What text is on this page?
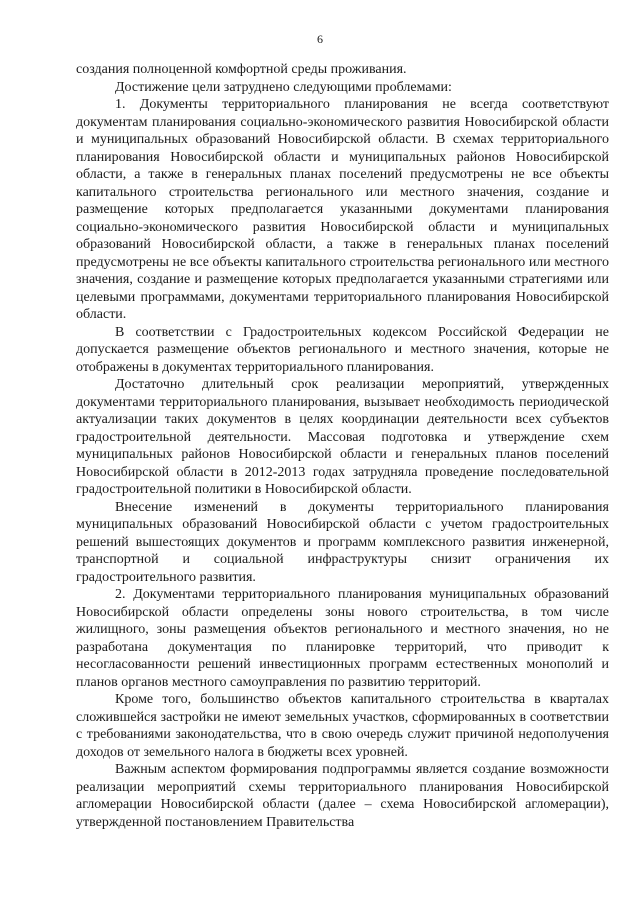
6

создания полноценной комфортной среды проживания.

Достижение цели затруднено следующими проблемами:

1. Документы территориального планирования не всегда соответствуют документам планирования социально-экономического развития Новосибирской области и муниципальных образований Новосибирской области. В схемах территориального планирования Новосибирской области и муниципальных районов Новосибирской области, а также в генеральных планах поселений предусмотрены не все объекты капитального строительства регионального или местного значения, создание и размещение которых предполагается указанными документами планирования социально-экономического развития Новосибирской области и муниципальных образований Новосибирской области, а также в генеральных планах поселений предусмотрены не все объекты капитального строительства регионального или местного значения, создание и размещение которых предполагается указанными стратегиями или целевыми программами, документами территориального планирования Новосибирской области.

В соответствии с Градостроительных кодексом Российской Федерации не допускается размещение объектов регионального и местного значения, которые не отображены в документах территориального планирования.

Достаточно длительный срок реализации мероприятий, утвержденных документами территориального планирования, вызывает необходимость периодической актуализации таких документов в целях координации деятельности всех субъектов градостроительной деятельности. Массовая подготовка и утверждение схем муниципальных районов Новосибирской области и генеральных планов поселений Новосибирской области в 2012-2013 годах затрудняла проведение последовательной градостроительной политики в Новосибирской области.

Внесение изменений в документы территориального планирования муниципальных образований Новосибирской области с учетом градостроительных решений вышестоящих документов и программ комплексного развития инженерной, транспортной и социальной инфраструктуры снизит ограничения их градостроительного развития.

2. Документами территориального планирования муниципальных образований Новосибирской области определены зоны нового строительства, в том числе жилищного, зоны размещения объектов регионального и местного значения, но не разработана документация по планировке территорий, что приводит к несогласованности решений инвестиционных программ естественных монополий и планов органов местного самоуправления по развитию территорий.

Кроме того, большинство объектов капитального строительства в кварталах сложившейся застройки не имеют земельных участков, сформированных в соответствии с требованиями законодательства, что в свою очередь служит причиной недополучения доходов от земельного налога в бюджеты всех уровней.

Важным аспектом формирования подпрограммы является создание возможности реализации мероприятий схемы территориального планирования Новосибирской агломерации Новосибирской области (далее – схема Новосибирской агломерации), утвержденной постановлением Правительства
